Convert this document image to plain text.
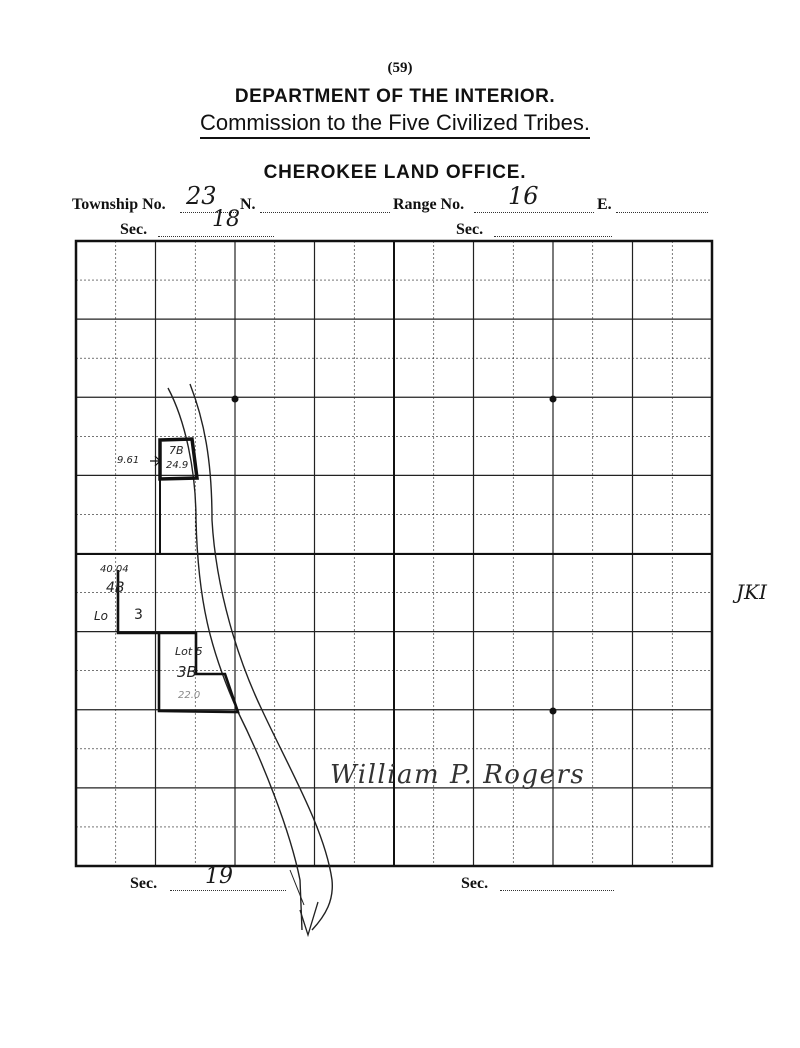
(59)
DEPARTMENT OF THE INTERIOR.
Commission to the Five Civilized Tribes.
CHEROKEE LAND OFFICE.
Township No. 23 N.	Range No. 16	E.
Sec.	18	Sec.
7B
24.9
9.61
40.04
4B
Lo 3
Lot 5
3B
22.0
William P. Rogers
JKI
Sec. 19	Sec.
